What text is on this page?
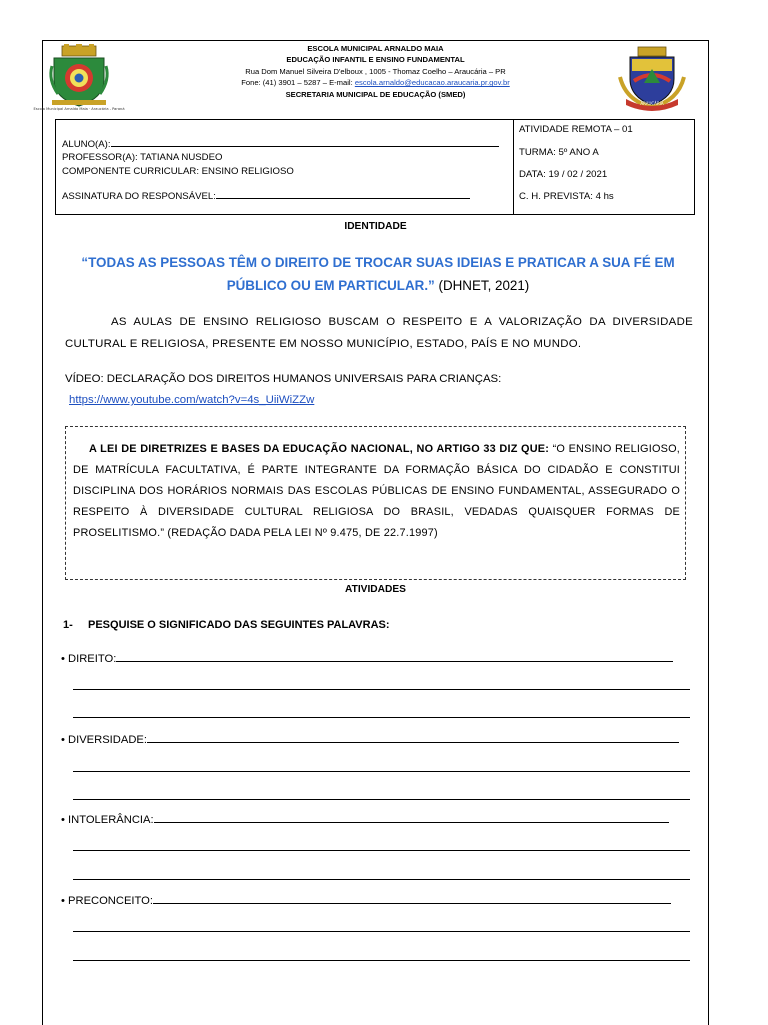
Escola Municipal Arnaldo Maia · Araucária - Paraná
ESCOLA MUNICIPAL ARNALDO MAIA
EDUCAÇÃO INFANTIL E ENSINO FUNDAMENTAL
Rua Dom Manuel Silveira D'elboux , 1005 - Thomaz Coelho – Araucária – PR
Fone: (41) 3901 – 5287 – E-mail: escola.arnaldo@educacao.araucaria.pr.gov.br
SECRETARIA MUNICIPAL DE EDUCAÇÃO (SMED)
ARAUCÁRIA
ALUNO(A):
PROFESSOR(A): TATIANA NUSDEO
COMPONENTE CURRICULAR: ENSINO RELIGIOSO
ASSINATURA DO RESPONSÁVEL:
ATIVIDADE REMOTA – 01
TURMA: 5º ANO A
DATA: 19 / 02 / 2021
C. H. PREVISTA: 4 hs
IDENTIDADE
“TODAS AS PESSOAS TÊM O DIREITO DE TROCAR SUAS IDEIAS E PRATICAR A SUA FÉ EM PÚBLICO OU EM PARTICULAR.” (DHNET, 2021)
AS AULAS DE ENSINO RELIGIOSO BUSCAM O RESPEITO E A VALORIZAÇÃO DA DIVERSIDADE CULTURAL E RELIGIOSA, PRESENTE EM NOSSO MUNICÍPIO, ESTADO, PAÍS E NO MUNDO.
VÍDEO: DECLARAÇÃO DOS DIREITOS HUMANOS UNIVERSAIS PARA CRIANÇAS:
https://www.youtube.com/watch?v=4s_UiiWiZZw

A LEI DE DIRETRIZES E BASES DA EDUCAÇÃO NACIONAL, NO ARTIGO 33 DIZ QUE: “O ENSINO RELIGIOSO, DE MATRÍCULA FACULTATIVA, É PARTE INTEGRANTE DA FORMAÇÃO BÁSICA DO CIDADÃO E CONSTITUI DISCIPLINA DOS HORÁRIOS NORMAIS DAS ESCOLAS PÚBLICAS DE ENSINO FUNDAMENTAL, ASSEGURADO O RESPEITO À DIVERSIDADE CULTURAL RELIGIOSA DO BRASIL, VEDADAS QUAISQUER FORMAS DE PROSELITISMO.” (REDAÇÃO DADA PELA LEI Nº 9.475, DE 22.7.1997)

ATIVIDADES
1- PESQUISE O SIGNIFICADO DAS SEGUINTES PALAVRAS:
• DIREITO:
• DIVERSIDADE:
• INTOLERÂNCIA:
• PRECONCEITO:
